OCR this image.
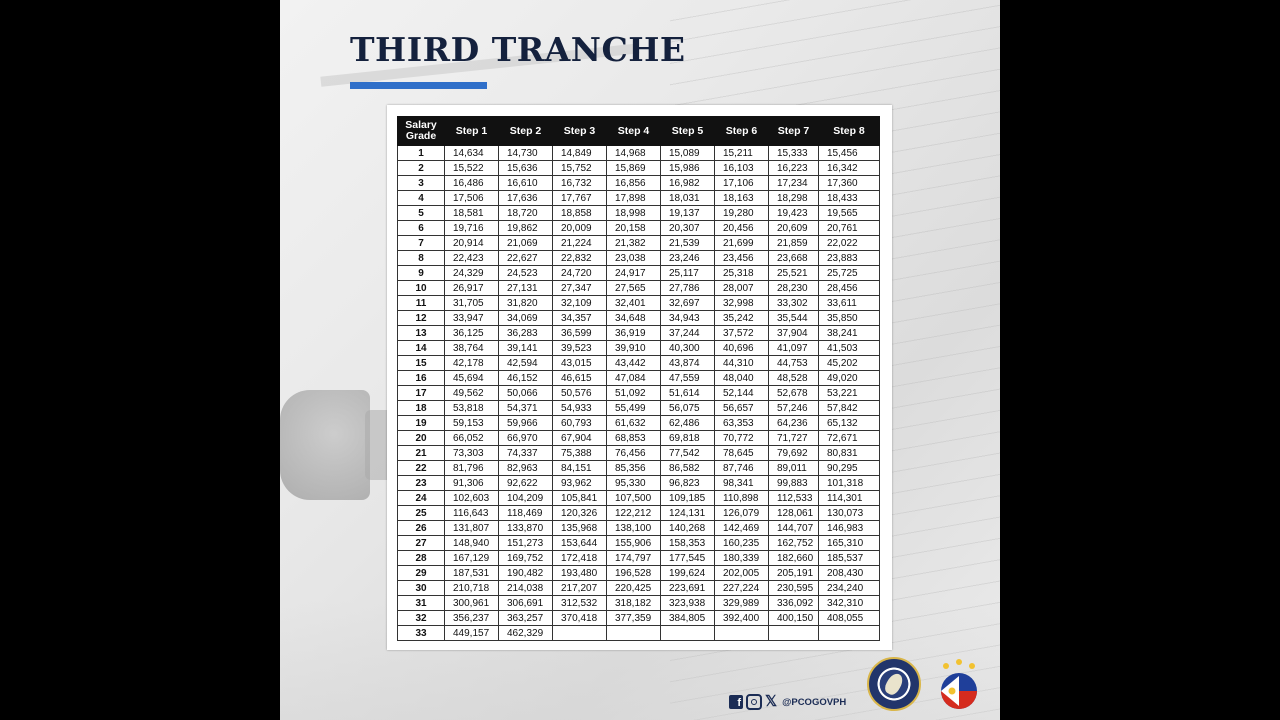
THIRD TRANCHE
Salary Grade	Step 1	Step 2	Step 3	Step 4	Step 5	Step 6	Step 7	Step 8
1	14,634	14,730	14,849	14,968	15,089	15,211	15,333	15,456
2	15,522	15,636	15,752	15,869	15,986	16,103	16,223	16,342
3	16,486	16,610	16,732	16,856	16,982	17,106	17,234	17,360
4	17,506	17,636	17,767	17,898	18,031	18,163	18,298	18,433
5	18,581	18,720	18,858	18,998	19,137	19,280	19,423	19,565
6	19,716	19,862	20,009	20,158	20,307	20,456	20,609	20,761
7	20,914	21,069	21,224	21,382	21,539	21,699	21,859	22,022
8	22,423	22,627	22,832	23,038	23,246	23,456	23,668	23,883
9	24,329	24,523	24,720	24,917	25,117	25,318	25,521	25,725
10	26,917	27,131	27,347	27,565	27,786	28,007	28,230	28,456
11	31,705	31,820	32,109	32,401	32,697	32,998	33,302	33,611
12	33,947	34,069	34,357	34,648	34,943	35,242	35,544	35,850
13	36,125	36,283	36,599	36,919	37,244	37,572	37,904	38,241
14	38,764	39,141	39,523	39,910	40,300	40,696	41,097	41,503
15	42,178	42,594	43,015	43,442	43,874	44,310	44,753	45,202
16	45,694	46,152	46,615	47,084	47,559	48,040	48,528	49,020
17	49,562	50,066	50,576	51,092	51,614	52,144	52,678	53,221
18	53,818	54,371	54,933	55,499	56,075	56,657	57,246	57,842
19	59,153	59,966	60,793	61,632	62,486	63,353	64,236	65,132
20	66,052	66,970	67,904	68,853	69,818	70,772	71,727	72,671
21	73,303	74,337	75,388	76,456	77,542	78,645	79,692	80,831
22	81,796	82,963	84,151	85,356	86,582	87,746	89,011	90,295
23	91,306	92,622	93,962	95,330	96,823	98,341	99,883	101,318
24	102,603	104,209	105,841	107,500	109,185	110,898	112,533	114,301
25	116,643	118,469	120,326	122,212	124,131	126,079	128,061	130,073
26	131,807	133,870	135,968	138,100	140,268	142,469	144,707	146,983
27	148,940	151,273	153,644	155,906	158,353	160,235	162,752	165,310
28	167,129	169,752	172,418	174,797	177,545	180,339	182,660	185,537
29	187,531	190,482	193,480	196,528	199,624	202,005	205,191	208,430
30	210,718	214,038	217,207	220,425	223,691	227,224	230,595	234,240
31	300,961	306,691	312,532	318,182	323,938	329,989	336,092	342,310
32	356,237	363,257	370,418	377,359	384,805	392,400	400,150	408,055
33	449,157	462,329						
f 𝕏 @PCOGOVPH
